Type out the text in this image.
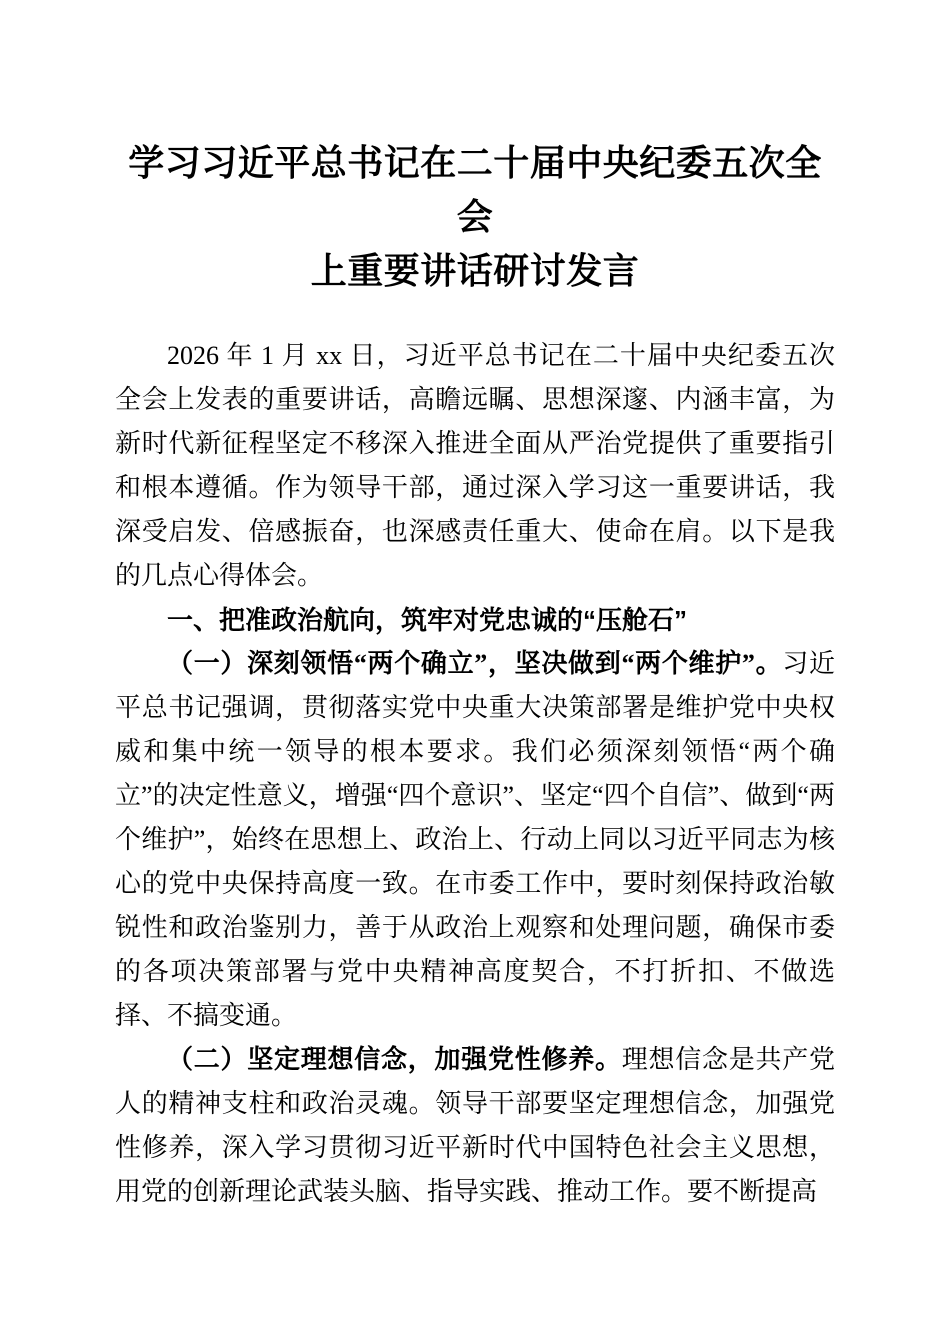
学习习近平总书记在二十届中央纪委五次全会
上重要讲话研讨发言

2026 年 1 月 xx 日，习近平总书记在二十届中央纪委五次全会上发表的重要讲话，高瞻远瞩、思想深邃、内涵丰富，为新时代新征程坚定不移深入推进全面从严治党提供了重要指引和根本遵循。作为领导干部，通过深入学习这一重要讲话，我深受启发、倍感振奋，也深感责任重大、使命在肩。以下是我的几点心得体会。

一、把准政治航向，筑牢对党忠诚的“压舱石”

（一）深刻领悟“两个确立”，坚决做到“两个维护”。习近平总书记强调，贯彻落实党中央重大决策部署是维护党中央权威和集中统一领导的根本要求。我们必须深刻领悟“两个确立”的决定性意义，增强“四个意识”、坚定“四个自信”、做到“两个维护”，始终在思想上、政治上、行动上同以习近平同志为核心的党中央保持高度一致。在市委工作中，要时刻保持政治敏锐性和政治鉴别力，善于从政治上观察和处理问题，确保市委的各项决策部署与党中央精神高度契合，不打折扣、不做选择、不搞变通。

（二）坚定理想信念，加强党性修养。理想信念是共产党人的精神支柱和政治灵魂。领导干部要坚定理想信念，加强党性修养，深入学习贯彻习近平新时代中国特色社会主义思想，用党的创新理论武装头脑、指导实践、推动工作。要不断提高
